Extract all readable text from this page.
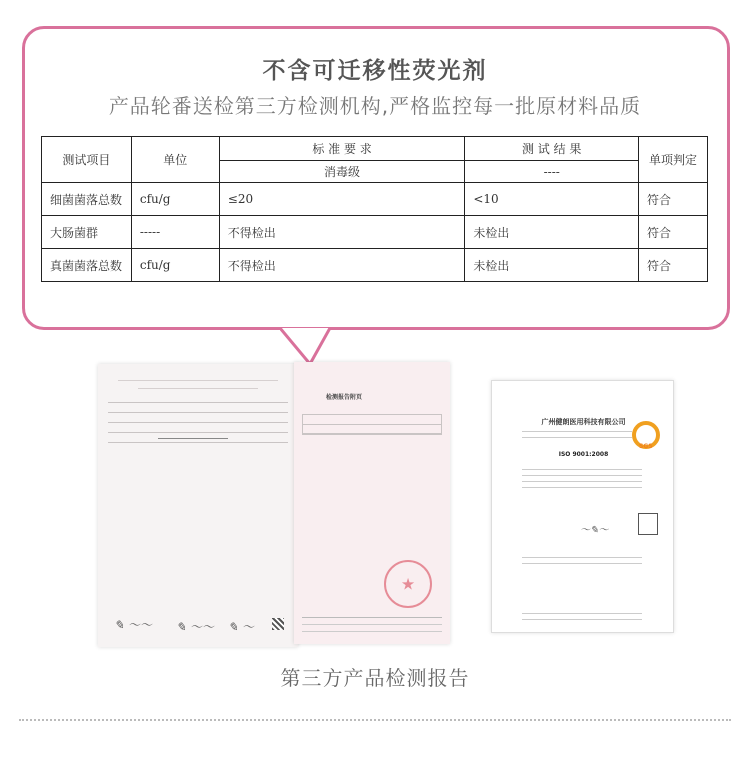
不含可迁移性荧光剂
产品轮番送检第三方检测机构,严格监控每一批原材料品质
测试项目	单位	标 准 要 求	测 试 结 果	单项判定
		消毒级	----	
细菌菌落总数	cfu/g	≤20	<10	符合
大肠菌群	-----	不得检出	未检出	符合
真菌菌落总数	cfu/g	不得检出	未检出	符合
✎ ～～ ✎ ～～ ✎ ～
检测报告附页
★
广州健朗医用科技有限公司
ISO 9001:2008
SGS
～✎～
第三方产品检测报告
